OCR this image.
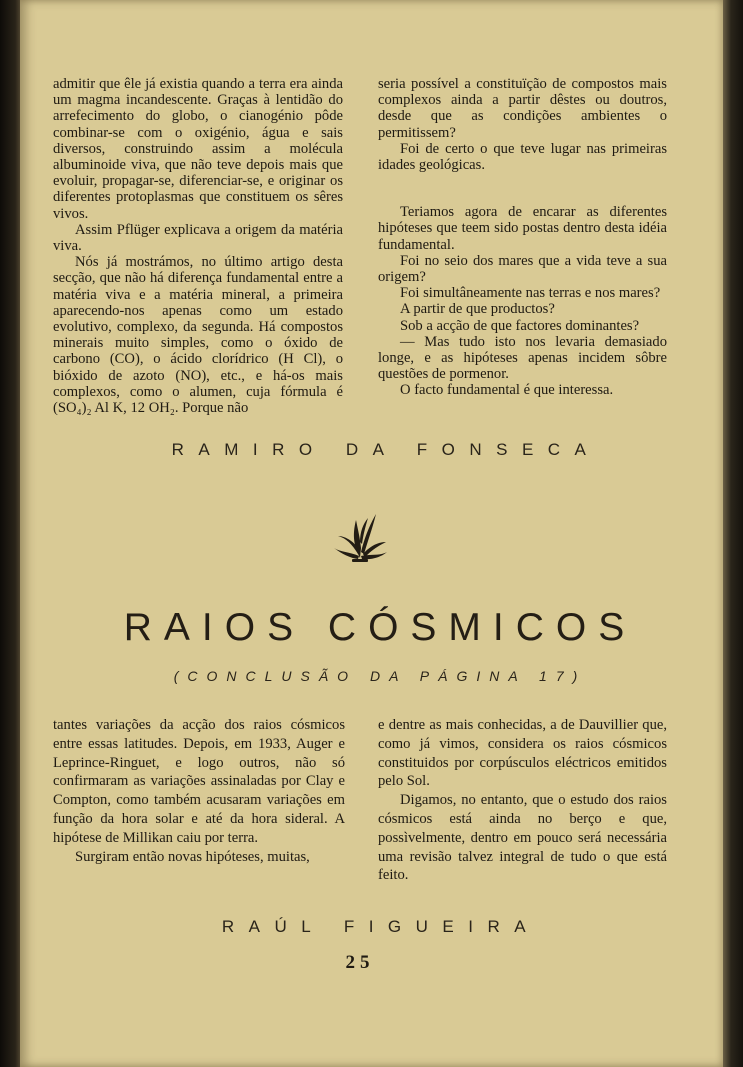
admitir que êle já existia quando a terra era ainda um magma incandescente. Graças à lentidão do arrefecimento do globo, o cianogénio pôde combinar-se com o oxigénio, água e sais diversos, construindo assim a molécula albuminoide viva, que não teve depois mais que evoluir, propagar-se, diferenciar-se, e originar os diferentes protoplasmas que constituem os sêres vivos.

Assim Pflüger explicava a origem da matéria viva.

Nós já mostrámos, no último artigo desta secção, que não há diferença fundamental entre a matéria viva e a matéria mineral, a primeira aparecendo-nos apenas como um estado evolutivo, complexo, da segunda. Há compostos minerais muito simples, como o óxido de carbono (CO), o ácido clorídrico (H Cl), o bióxido de azoto (NO), etc., e há-os mais complexos, como o alumen, cuja fórmula é (SO₄)₂ Al K, 12 OH₂. Porque não

seria possível a constituïção de compostos mais complexos ainda a partir dêstes ou doutros, desde que as condições ambientes o permitissem?

Foi de certo o que teve lugar nas primeiras idades geológicas.

Teriamos agora de encarar as diferentes hipóteses que teem sido postas dentro desta idéia fundamental.

Foi no seio dos mares que a vida teve a sua origem?

Foi simultâneamente nas terras e nos mares?

A partir de que productos?

Sob a acção de que factores dominantes?

— Mas tudo isto nos levaria demasiado longe, e as hipóteses apenas incidem sôbre questões de pormenor.

O facto fundamental é que interessa.

RAMIRO DA FONSECA
RAIOS CÓSMICOS
(CONCLUSÃO DA PÁGINA 17)

tantes variações da acção dos raios cósmicos entre essas latitudes. Depois, em 1933, Auger e Leprince-Ringuet, e logo outros, não só confirmaram as variações assinaladas por Clay e Compton, como também acusaram variações em função da hora solar e até da hora sideral. A hipótese de Millikan caiu por terra.

Surgiram então novas hipóteses, muitas,

e dentre as mais conhecidas, a de Dauvillier que, como já vimos, considera os raios cósmicos constituidos por corpúsculos eléctricos emitidos pelo Sol.

Digamos, no entanto, que o estudo dos raios cósmicos está ainda no berço e que, possìvelmente, dentro em pouco será necessária uma revisão talvez integral de tudo o que está feito.

RAÚL FIGUEIRA
25
